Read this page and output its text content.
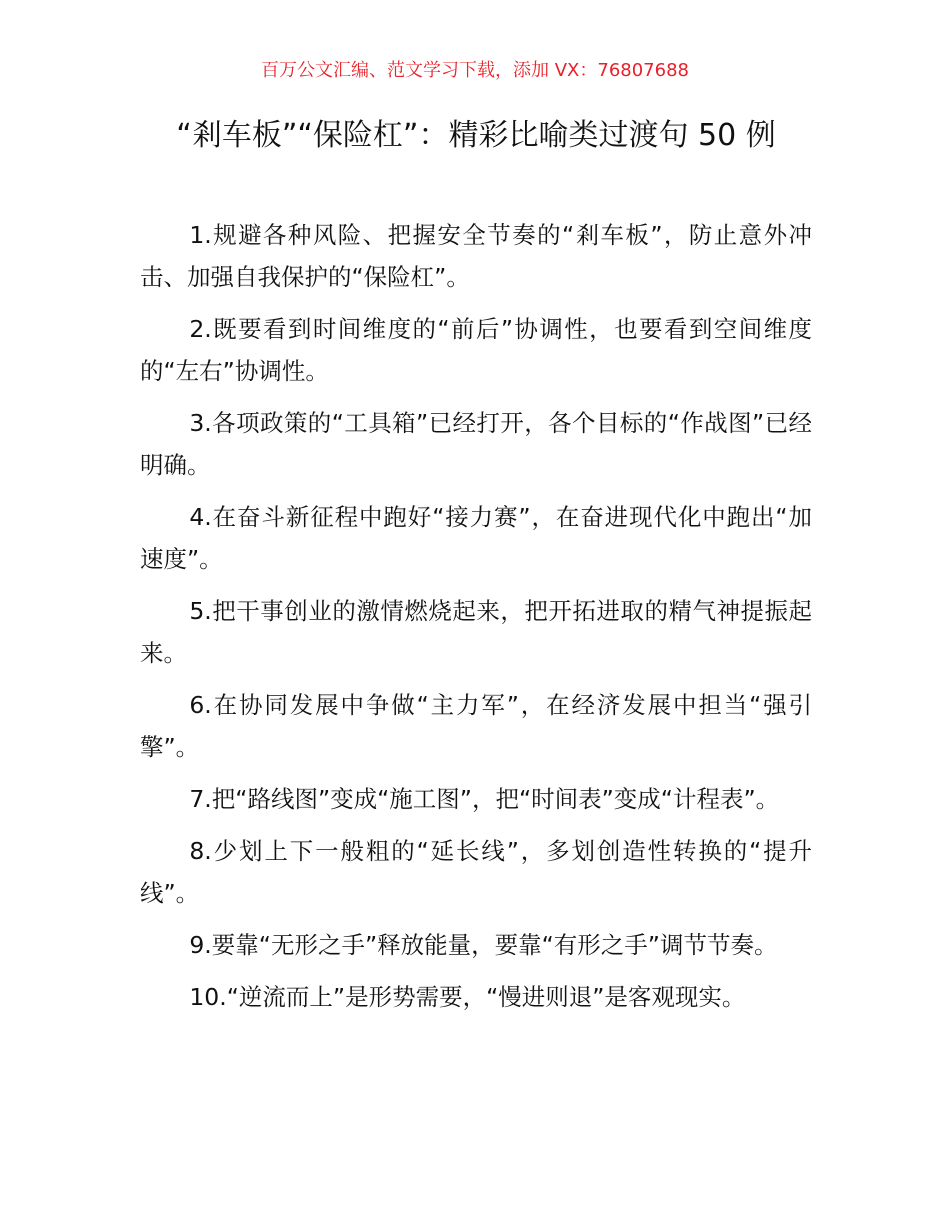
百万公文汇编、范文学习下载，添加 VX：76807688
“剎车板”“保险杠”：精彩比喻类过渡句 50 例

1.规避各种风险、把握安全节奏的“剎车板”，防止意外冲击、加强自我保护的“保险杠”。

2.既要看到时间维度的“前后”协调性，也要看到空间维度的“左右”协调性。

3.各项政策的“工具箱”已经打开，各个目标的“作战图”已经明确。

4.在奋斗新征程中跑好“接力赛”，在奋进现代化中跑出“加速度”。

5.把干事创业的激情燃烧起来，把开拓进取的精气神提振起来。

6.在协同发展中争做“主力军”，在经济发展中担当“强引擎”。

7.把“路线图”变成“施工图”，把“时间表”变成“计程表”。

8.少划上下一般粗的“延长线”，多划创造性转换的“提升线”。

9.要靠“无形之手”释放能量，要靠“有形之手”调节节奏。

10.“逆流而上”是形势需要，“慢进则退”是客观现实。
